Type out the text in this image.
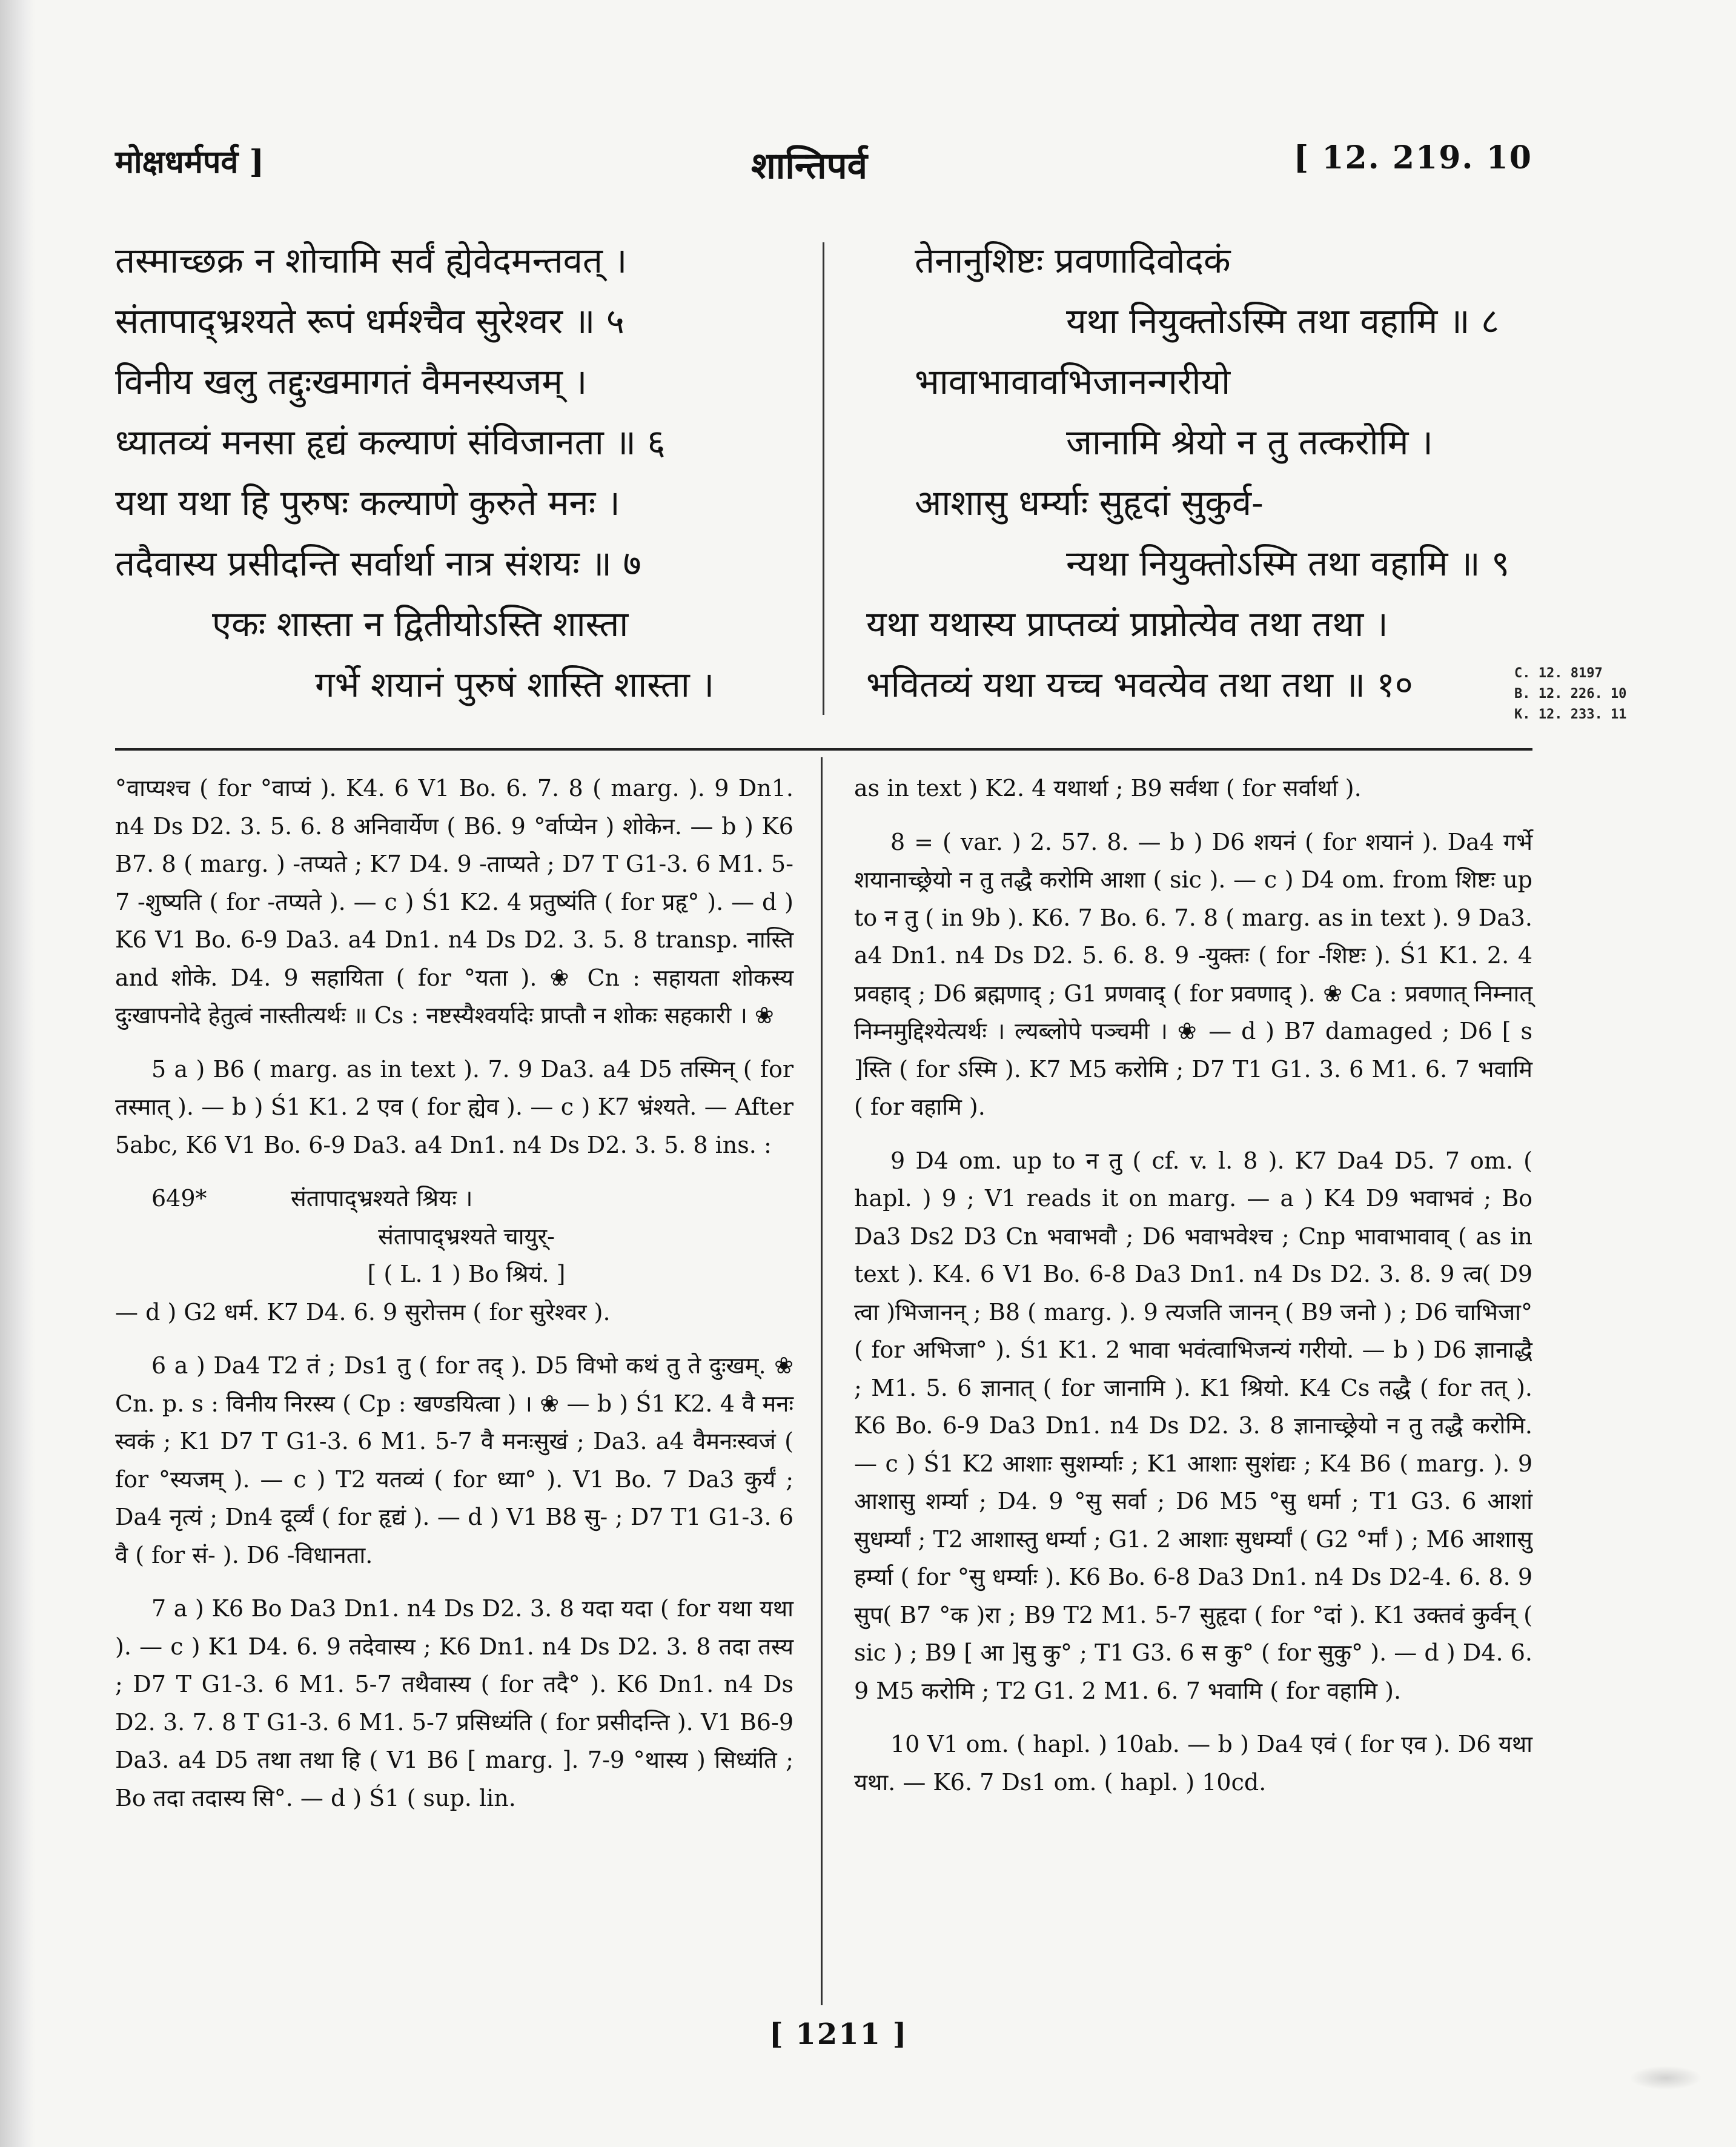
मोक्षधर्मपर्व ]	शान्तिपर्व	[ 12. 219. 10
तस्माच्छक्र न शोचामि सर्वं ह्येवेदमन्तवत् ।
संतापाद्भ्रश्यते रूपं धर्मश्चैव सुरेश्वर ॥ ५
विनीय खलु तद्दुःखमागतं वैमनस्यजम् ।
ध्यातव्यं मनसा हृद्यं कल्याणं संविजानता ॥ ६
यथा यथा हि पुरुषः कल्याणे कुरुते मनः ।
तदैवास्य प्रसीदन्ति सर्वार्था नात्र संशयः ॥ ७
एकः शास्ता न द्वितीयोऽस्ति शास्ता
गर्भे शयानं पुरुषं शास्ति शास्ता ।
तेनानुशिष्टः प्रवणादिवोदकं
यथा नियुक्तोऽस्मि तथा वहामि ॥ ८
भावाभावावभिजानन्गरीयो
जानामि श्रेयो न तु तत्करोमि ।
आशासु धर्म्याः सुहृदां सुकुर्व-
न्यथा नियुक्तोऽस्मि तथा वहामि ॥ ९
यथा यथास्य प्राप्तव्यं प्राप्नोत्येव तथा तथा ।
भवितव्यं यथा यच्च भवत्येव तथा तथा ॥ १०	C. 12. 8197
B. 12. 226. 10
K. 12. 233. 11
°वाप्यश्च ( for °वाप्यं ). K4. 6 V1 Bo. 6. 7. 8 ( marg. ). 9 Dn1. n4 Ds D2. 3. 5. 6. 8 अनिवार्येण ( B6. 9 °र्वाप्येन ) शोकेन. — b ) K6 B7. 8 ( marg. ) -तप्यते ; K7 D4. 9 -ताप्यते ; D7 T G1-3. 6 M1. 5-7 -शुष्यति ( for -तप्यते ). — c ) Ś1 K2. 4 प्रतुष्यंति ( for प्रहृ° ). — d ) K6 V1 Bo. 6-9 Da3. a4 Dn1. n4 Ds D2. 3. 5. 8 transp. नास्ति and शोके. D4. 9 सहायिता ( for °यता ). ❀ Cn : सहायता शोकस्य दुःखापनोदे हेतुत्वं नास्तीत्यर्थः ॥ Cs : नष्टस्यैश्वर्यादेः प्राप्तौ न शोकः सहकारी । ❀
5 a ) B6 ( marg. as in text ). 7. 9 Da3. a4 D5 तस्मिन् ( for तस्मात् ). — b ) Ś1 K1. 2 एव ( for ह्येव ). — c ) K7 भ्रंश्यते. — After 5abc, K6 V1 Bo. 6-9 Da3. a4 Dn1. n4 Ds D2. 3. 5. 8 ins. :
649*	संतापाद्भ्रश्यते श्रियः ।
संतापाद्भ्रश्यते चायुर्-
[ ( L. 1 ) Bo श्रियं. ]
— d ) G2 धर्म. K7 D4. 6. 9 सुरोत्तम ( for सुरेश्वर ).
6 a ) Da4 T2 तं ; Ds1 तु ( for तद् ). D5 विभो कथं तु ते दुःखम्. ❀ Cn. p. s : विनीय निरस्य ( Cp : खण्डयित्वा ) । ❀ — b ) Ś1 K2. 4 वै मनः स्वकं ; K1 D7 T G1-3. 6 M1. 5-7 वै मनःसुखं ; Da3. a4 वैमनःस्वजं ( for °स्यजम् ). — c ) T2 यतव्यं ( for ध्या° ). V1 Bo. 7 Da3 कुर्यं ; Da4 नृत्यं ; Dn4 दूर्व्यं ( for हृद्यं ). — d ) V1 B8 सु- ; D7 T1 G1-3. 6 वै ( for सं- ). D6 -विधानता.
7 a ) K6 Bo Da3 Dn1. n4 Ds D2. 3. 8 यदा यदा ( for यथा यथा ). — c ) K1 D4. 6. 9 तदेवास्य ; K6 Dn1. n4 Ds D2. 3. 8 तदा तस्य ; D7 T G1-3. 6 M1. 5-7 तथैवास्य ( for तदै° ). K6 Dn1. n4 Ds D2. 3. 7. 8 T G1-3. 6 M1. 5-7 प्रसिध्यंति ( for प्रसीदन्ति ). V1 B6-9 Da3. a4 D5 तथा तथा हि ( V1 B6 [ marg. ]. 7-9 °थास्य ) सिध्यंति ; Bo तदा तदास्य सि°. — d ) Ś1 ( sup. lin.
as in text ) K2. 4 यथार्था ; B9 सर्वथा ( for सर्वार्था ).
8 = ( var. ) 2. 57. 8. — b ) D6 शयनं ( for शयानं ). Da4 गर्भे शयानाच्छ्रेयो न तु तद्धै करोमि आशा ( sic ). — c ) D4 om. from शिष्टः up to न तु ( in 9b ). K6. 7 Bo. 6. 7. 8 ( marg. as in text ). 9 Da3. a4 Dn1. n4 Ds D2. 5. 6. 8. 9 -युक्तः ( for -शिष्टः ). Ś1 K1. 2. 4 प्रवहाद् ; D6 ब्रह्मणाद् ; G1 प्रणवाद् ( for प्रवणाद् ). ❀ Ca : प्रवणात् निम्नात् निम्नमुद्दिश्येत्यर्थः । ल्यब्लोपे पञ्चमी । ❀ — d ) B7 damaged ; D6 [ s ]स्ति ( for ऽस्मि ). K7 M5 करोमि ; D7 T1 G1. 3. 6 M1. 6. 7 भवामि ( for वहामि ).
9 D4 om. up to न तु ( cf. v. l. 8 ). K7 Da4 D5. 7 om. ( hapl. ) 9 ; V1 reads it on marg. — a ) K4 D9 भवाभवं ; Bo Da3 Ds2 D3 Cn भवाभवौ ; D6 भवाभवेश्च ; Cnp भावाभावाव् ( as in text ). K4. 6 V1 Bo. 6-8 Da3 Dn1. n4 Ds D2. 3. 8. 9 त्व( D9 त्वा )भिजानन् ; B8 ( marg. ). 9 त्यजति जानन् ( B9 जनो ) ; D6 चाभिजा° ( for अभिजा° ). Ś1 K1. 2 भावा भवंत्वाभिजन्यं गरीयो. — b ) D6 ज्ञानाद्धै ; M1. 5. 6 ज्ञानात् ( for जानामि ). K1 श्रियो. K4 Cs तद्धै ( for तत् ). K6 Bo. 6-9 Da3 Dn1. n4 Ds D2. 3. 8 ज्ञानाच्छ्रेयो न तु तद्धै करोमि. — c ) Ś1 K2 आशाः सुशर्म्याः ; K1 आशाः सुशंद्यः ; K4 B6 ( marg. ). 9 आशासु शर्म्या ; D4. 9 °सु सर्वा ; D6 M5 °सु धर्मा ; T1 G3. 6 आशां सुधर्म्यां ; T2 आशास्तु धर्म्या ; G1. 2 आशाः सुधर्म्यां ( G2 °र्मां ) ; M6 आशासु हर्म्या ( for °सु धर्म्याः ). K6 Bo. 6-8 Da3 Dn1. n4 Ds D2-4. 6. 8. 9 सुप( B7 °क )रा ; B9 T2 M1. 5-7 सुहृदा ( for °दां ). K1 उक्तवं कुर्वन् ( sic ) ; B9 [ आ ]सु कु° ; T1 G3. 6 स कु° ( for सुकु° ). — d ) D4. 6. 9 M5 करोमि ; T2 G1. 2 M1. 6. 7 भवामि ( for वहामि ).
10 V1 om. ( hapl. ) 10ab. — b ) Da4 एवं ( for एव ). D6 यथा यथा. — K6. 7 Ds1 om. ( hapl. ) 10cd.
[ 1211 ]
